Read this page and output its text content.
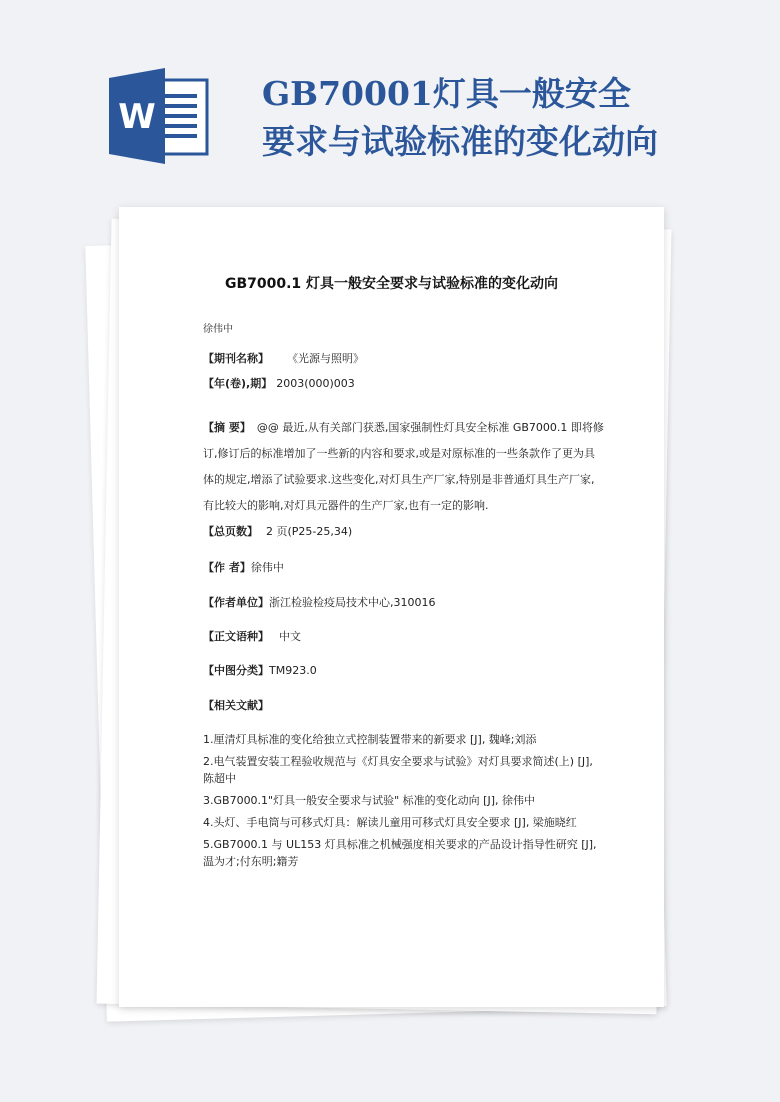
W
GB70001灯具一般安全
要求与试验标准的变化动向
GB7000.1 灯具一般安全要求与试验标准的变化动向
徐伟中
【期刊名称】 《光源与照明》
【年(卷),期】 2003(000)003

【摘 要】 @@ 最近,从有关部门获悉,国家强制性灯具安全标准 GB7000.1 即将修

订,修订后的标准增加了一些新的内容和要求,或是对原标准的一些条款作了更为具

体的规定,增添了试验要求.这些变化,对灯具生产厂家,特别是非普通灯具生产厂家,

有比较大的影响,对灯具元器件的生产厂家,也有一定的影响.

【总页数】 2 页(P25-25,34)
【作 者】徐伟中
【作者单位】浙江检验检疫局技术中心,310016
【正文语种】 中文
【中图分类】TM923.0
【相关文献】

1.厘清灯具标准的变化给独立式控制装置带来的新要求 [J], 魏峰;刘添

2.电气装置安装工程验收规范与《灯具安全要求与试验》对灯具要求简述(上) [J],
陈超中

3.GB7000.1"灯具一般安全要求与试验" 标准的变化动向 [J], 徐伟中

4.头灯、手电筒与可移式灯具：解读儿童用可移式灯具安全要求 [J], 梁施晓红

5.GB7000.1 与 UL153 灯具标准之机械强度相关要求的产品设计指导性研究 [J],
温为才;付东明;籍芳
